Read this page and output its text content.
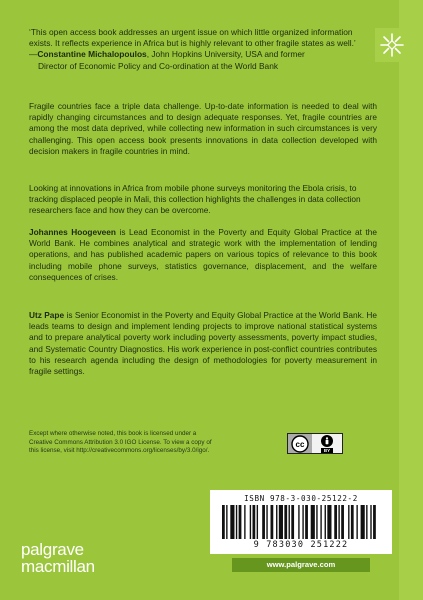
‘This open access book addresses an urgent issue on which little organized information exists. It reflects experience in Africa but is highly relevant to other fragile states as well.’
—Constantine Michalopoulos, John Hopkins University, USA and former
Director of Economic Policy and Co-ordination at the World Bank
Fragile countries face a triple data challenge. Up-to-date information is needed to deal with rapidly changing circumstances and to design adequate responses. Yet, fragile countries are among the most data deprived, while collecting new information in such circumstances is very challenging. This open access book presents innovations in data collection developed with decision makers in fragile countries in mind.
Looking at innovations in Africa from mobile phone surveys monitoring the Ebola crisis, to tracking displaced people in Mali, this collection highlights the challenges in data collection researchers face and how they can be overcome.
Johannes Hoogeveen is Lead Economist in the Poverty and Equity Global Practice at the World Bank. He combines analytical and strategic work with the implementation of lending operations, and has published academic papers on various topics of relevance to this book including mobile phone surveys, statistics governance, displacement, and the welfare consequences of crises.
Utz Pape is Senior Economist in the Poverty and Equity Global Practice at the World Bank. He leads teams to design and implement lending projects to improve national statistical systems and to prepare analytical poverty work including poverty assessments, poverty impact studies, and Systematic Country Diagnostics. His work experience in post-conflict countries contributes to his research agenda including the design of methodologies for poverty measurement in fragile settings.
Except where otherwise noted, this book is licensed under a Creative Commons Attribution 3.0 IGO License. To view a copy of this license, visit http://creativecommons.org/licenses/by/3.0/igo/.
cc
BY
ISBN 978-3-030-25122-2
9 783030 251222
palgrave
macmillan	www.palgrave.com
